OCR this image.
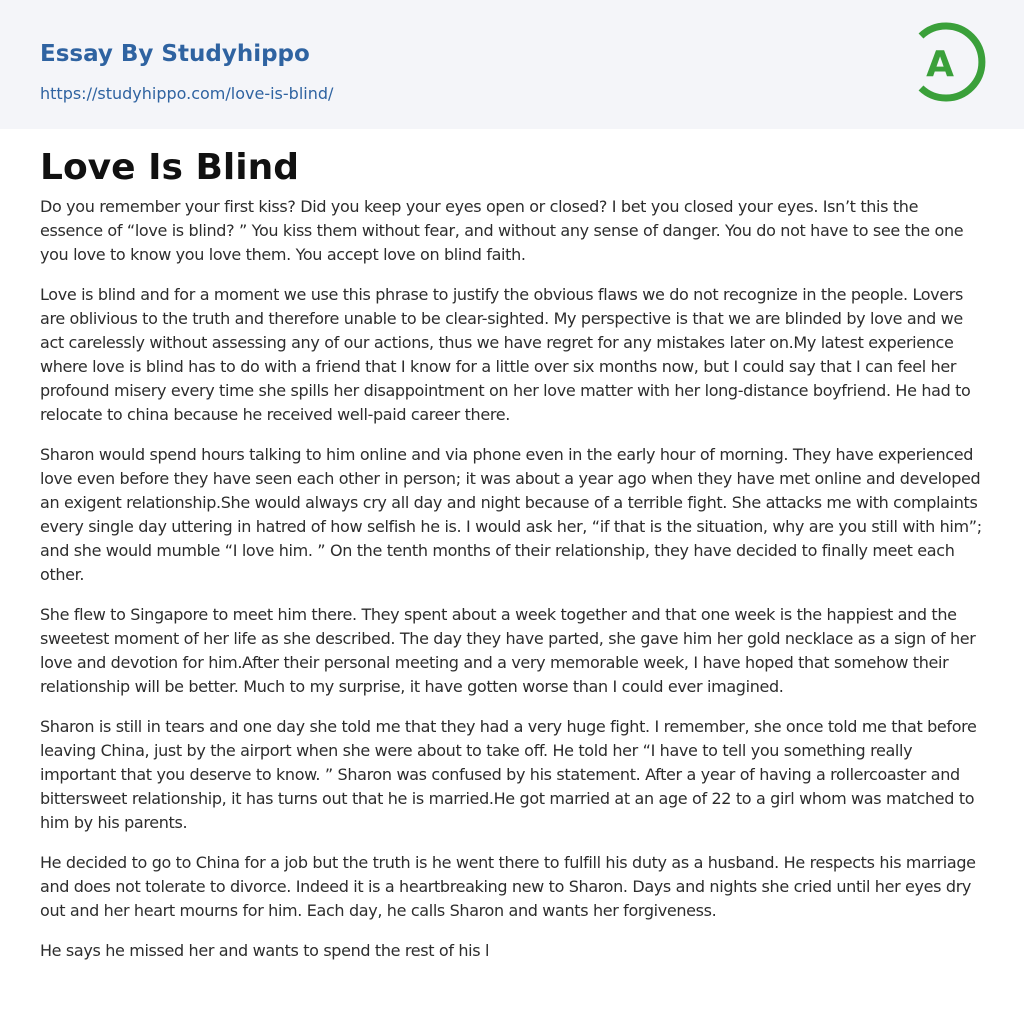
Essay By Studyhippo
https://studyhippo.com/love-is-blind/
A
Love Is Blind

Do you remember your first kiss? Did you keep your eyes open or closed? I bet you closed your eyes. Isn’t this the essence of “love is blind? ” You kiss them without fear, and without any sense of danger. You do not have to see the one you love to know you love them. You accept love on blind faith.

Love is blind and for a moment we use this phrase to justify the obvious flaws we do not recognize in the people. Lovers are oblivious to the truth and therefore unable to be clear-sighted. My perspective is that we are blinded by love and we act carelessly without assessing any of our actions, thus we have regret for any mistakes later on.My latest experience where love is blind has to do with a friend that I know for a little over six months now, but I could say that I can feel her profound misery every time she spills her disappointment on her love matter with her long-distance boyfriend. He had to relocate to china because he received well-paid career there.

Sharon would spend hours talking to him online and via phone even in the early hour of morning. They have experienced love even before they have seen each other in person; it was about a year ago when they have met online and developed an exigent relationship.She would always cry all day and night because of a terrible fight. She attacks me with complaints every single day uttering in hatred of how selfish he is. I would ask her, “if that is the situation, why are you still with him”; and she would mumble “I love him. ” On the tenth months of their relationship, they have decided to finally meet each other.

She flew to Singapore to meet him there. They spent about a week together and that one week is the happiest and the sweetest moment of her life as she described. The day they have parted, she gave him her gold necklace as a sign of her love and devotion for him.After their personal meeting and a very memorable week, I have hoped that somehow their relationship will be better. Much to my surprise, it have gotten worse than I could ever imagined.

Sharon is still in tears and one day she told me that they had a very huge fight. I remember, she once told me that before leaving China, just by the airport when she were about to take off. He told her “I have to tell you something really important that you deserve to know. ” Sharon was confused by his statement. After a year of having a rollercoaster and bittersweet relationship, it has turns out that he is married.He got married at an age of 22 to a girl whom was matched to him by his parents.

He decided to go to China for a job but the truth is he went there to fulfill his duty as a husband. He respects his marriage and does not tolerate to divorce. Indeed it is a heartbreaking new to Sharon. Days and nights she cried until her eyes dry out and her heart mourns for him. Each day, he calls Sharon and wants her forgiveness.

He says he missed her and wants to spend the rest of his l
